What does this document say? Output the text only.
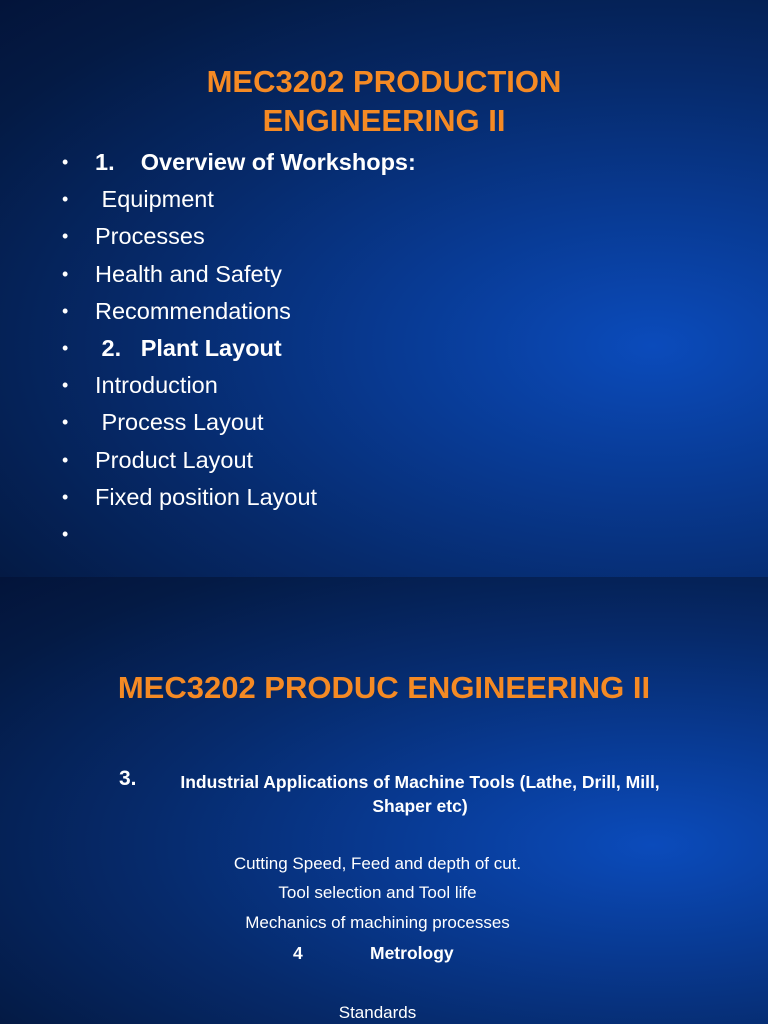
MEC3202 PRODUCTION
ENGINEERING II
•	1.    Overview of Workshops:
•	Equipment
•	Processes
•	Health and Safety
•	Recommendations
•	2.   Plant Layout
•	Introduction
•	Process Layout
•	Product Layout
•	Fixed position Layout
•
MEC3202 PRODUC ENGINEERING II
3.	Industrial Applications of Machine Tools (Lathe, Drill, Mill, Shaper etc)
Cutting Speed, Feed and depth of cut.
Tool selection and Tool life
Mechanics of machining processes
4	Metrology
Standards
